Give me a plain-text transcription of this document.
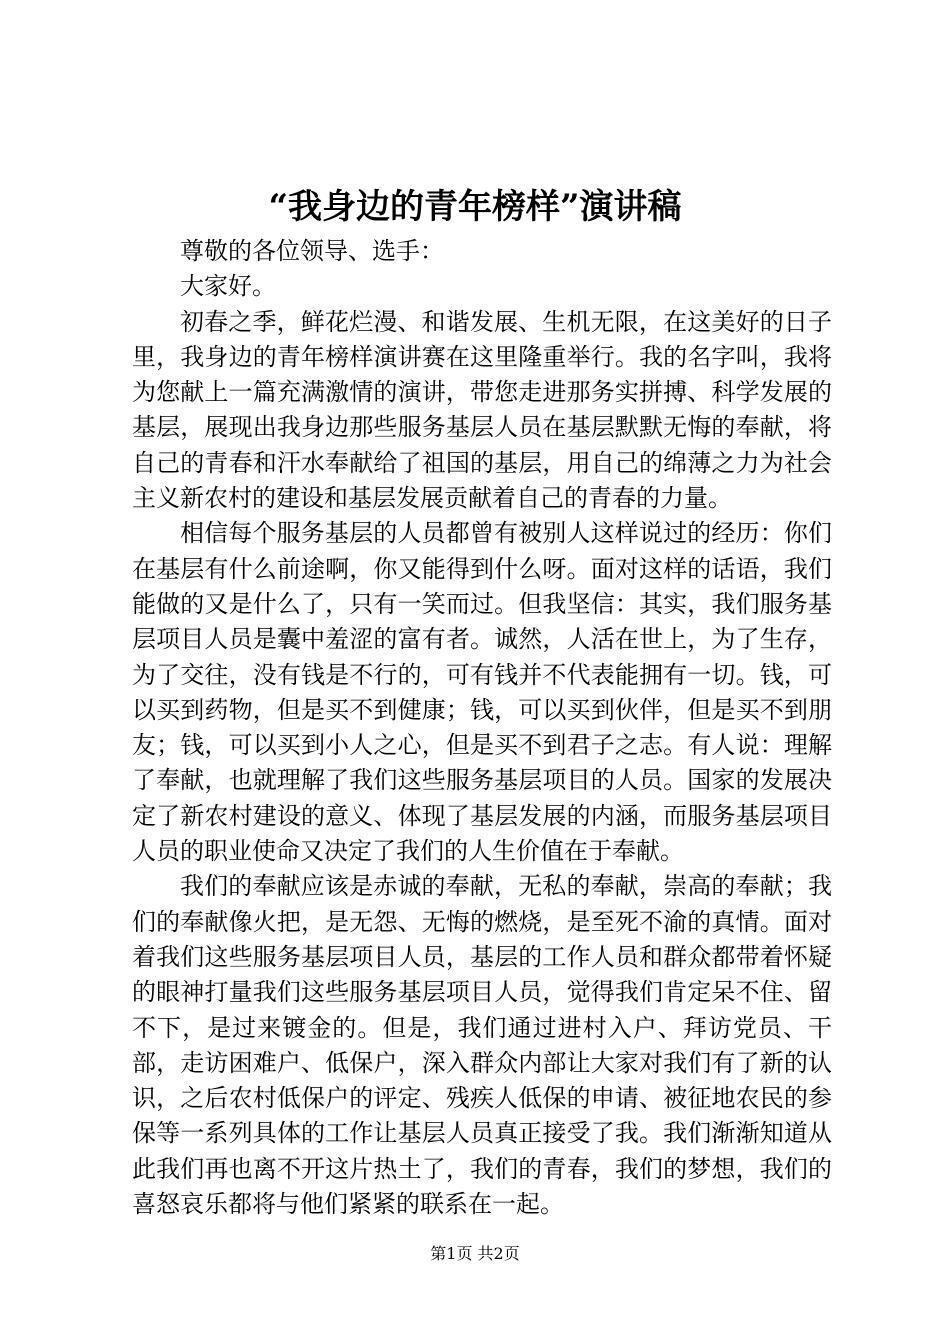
“我身边的青年榜样”演讲稿

尊敬的各位领导、选手：

大家好。

初春之季，鲜花烂漫、和谐发展、生机无限，在这美好的日子里，我身边的青年榜样演讲赛在这里隆重举行。我的名字叫，我将为您献上一篇充满激情的演讲，带您走进那务实拼搏、科学发展的基层，展现出我身边那些服务基层人员在基层默默无悔的奉献，将自己的青春和汗水奉献给了祖国的基层，用自己的绵薄之力为社会主义新农村的建设和基层发展贡献着自己的青春的力量。

相信每个服务基层的人员都曾有被别人这样说过的经历：你们在基层有什么前途啊，你又能得到什么呀。面对这样的话语，我们能做的又是什么了，只有一笑而过。但我坚信：其实，我们服务基层项目人员是囊中羞涩的富有者。诚然，人活在世上，为了生存，为了交往，没有钱是不行的，可有钱并不代表能拥有一切。钱，可以买到药物，但是买不到健康；钱，可以买到伙伴，但是买不到朋友；钱，可以买到小人之心，但是买不到君子之志。有人说：理解了奉献，也就理解了我们这些服务基层项目的人员。国家的发展决定了新农村建设的意义、体现了基层发展的内涵，而服务基层项目人员的职业使命又决定了我们的人生价值在于奉献。

我们的奉献应该是赤诚的奉献，无私的奉献，崇高的奉献；我们的奉献像火把，是无怨、无悔的燃烧，是至死不渝的真情。面对着我们这些服务基层项目人员，基层的工作人员和群众都带着怀疑的眼神打量我们这些服务基层项目人员，觉得我们肯定呆不住、留不下，是过来镀金的。但是，我们通过进村入户、拜访党员、干部，走访困难户、低保户，深入群众内部让大家对我们有了新的认识，之后农村低保户的评定、残疾人低保的申请、被征地农民的参保等一系列具体的工作让基层人员真正接受了我。我们渐渐知道从此我们再也离不开这片热土了，我们的青春，我们的梦想，我们的喜怒哀乐都将与他们紧紧的联系在一起。

第1页 共2页
